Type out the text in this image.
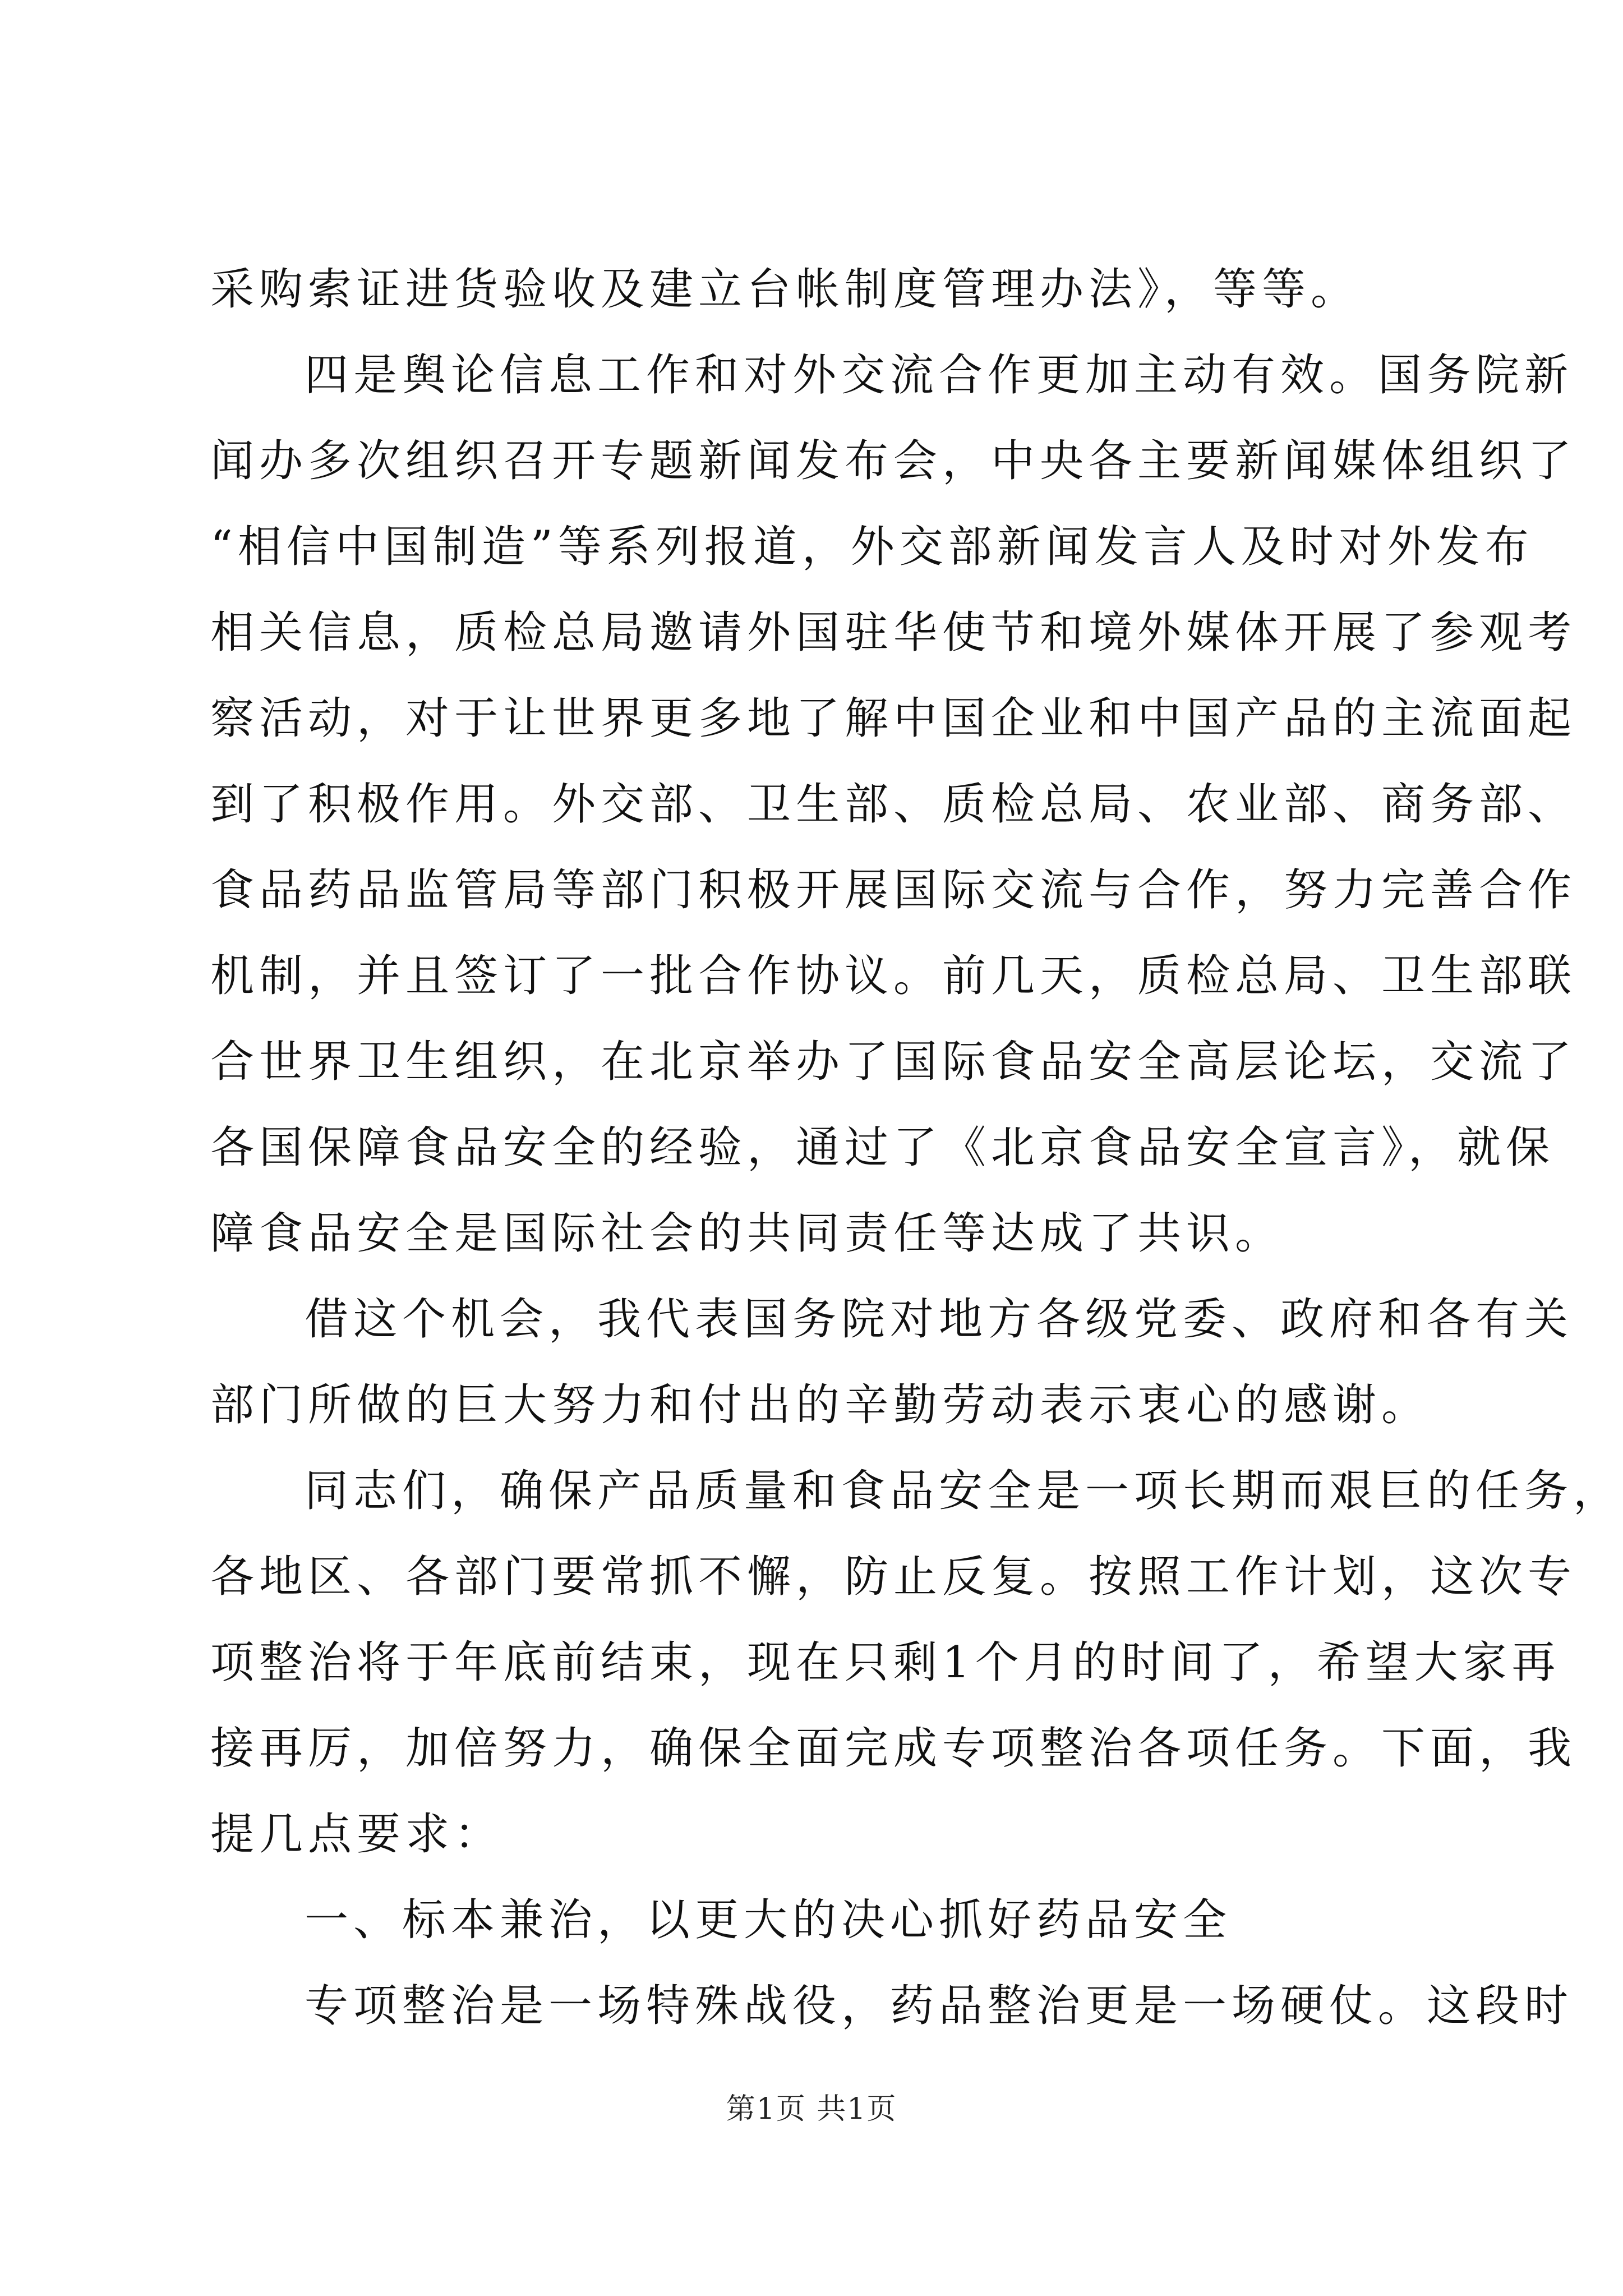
采购索证进货验收及建立台帐制度管理办法》，等等。
四是舆论信息工作和对外交流合作更加主动有效。国务院新
闻办多次组织召开专题新闻发布会，中央各主要新闻媒体组织了
“相信中国制造”等系列报道，外交部新闻发言人及时对外发布
相关信息，质检总局邀请外国驻华使节和境外媒体开展了参观考
察活动，对于让世界更多地了解中国企业和中国产品的主流面起
到了积极作用。外交部、卫生部、质检总局、农业部、商务部、
食品药品监管局等部门积极开展国际交流与合作，努力完善合作
机制，并且签订了一批合作协议。前几天，质检总局、卫生部联
合世界卫生组织，在北京举办了国际食品安全高层论坛，交流了
各国保障食品安全的经验，通过了《北京食品安全宣言》，就保
障食品安全是国际社会的共同责任等达成了共识。
借这个机会，我代表国务院对地方各级党委、政府和各有关
部门所做的巨大努力和付出的辛勤劳动表示衷心的感谢。
同志们，确保产品质量和食品安全是一项长期而艰巨的任务，
各地区、各部门要常抓不懈，防止反复。按照工作计划，这次专
项整治将于年底前结束，现在只剩1个月的时间了，希望大家再
接再厉，加倍努力，确保全面完成专项整治各项任务。下面，我
提几点要求：
一、标本兼治，以更大的决心抓好药品安全
专项整治是一场特殊战役，药品整治更是一场硬仗。这段时
第1页 共1页
